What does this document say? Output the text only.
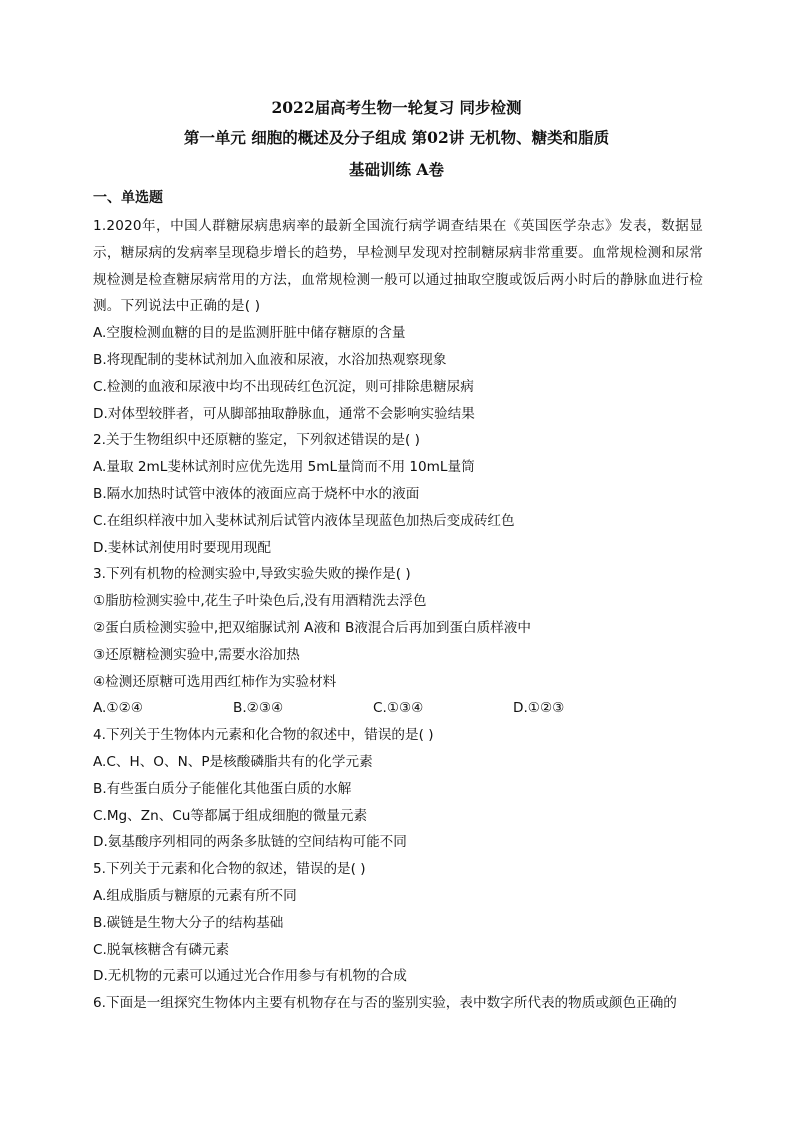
2022届高考生物一轮复习 同步检测
第一单元 细胞的概述及分子组成 第02讲 无机物、糖类和脂质
基础训练 A卷
一、单选题

1.2020年，中国人群糖尿病患病率的最新全国流行病学调查结果在《英国医学杂志》发表，数据显示，糖尿病的发病率呈现稳步增长的趋势，早检测早发现对控制糖尿病非常重要。血常规检测和尿常规检测是检查糖尿病常用的方法，血常规检测一般可以通过抽取空腹或饭后两小时后的静脉血进行检测。下列说法中正确的是( )

A.空腹检测血糖的目的是监测肝脏中储存糖原的含量

B.将现配制的斐林试剂加入血液和尿液，水浴加热观察现象

C.检测的血液和尿液中均不出现砖红色沉淀，则可排除患糖尿病

D.对体型较胖者，可从脚部抽取静脉血，通常不会影响实验结果

2.关于生物组织中还原糖的鉴定，下列叙述错误的是( )

A.量取 2mL斐林试剂时应优先选用 5mL量筒而不用 10mL量筒

B.隔水加热时试管中液体的液面应高于烧杯中水的液面

C.在组织样液中加入斐林试剂后试管内液体呈现蓝色加热后变成砖红色

D.斐林试剂使用时要现用现配

3.下列有机物的检测实验中,导致实验失败的操作是( )

①脂肪检测实验中,花生子叶染色后,没有用酒精洗去浮色

②蛋白质检测实验中,把双缩脲试剂 A液和 B液混合后再加到蛋白质样液中

③还原糖检测实验中,需要水浴加热

④检测还原糖可选用西红柿作为实验材料

A.①②④	B.②③④	C.①③④	D.①②③

4.下列关于生物体内元素和化合物的叙述中，错误的是( )

A.C、H、O、N、P是核酸磷脂共有的化学元素

B.有些蛋白质分子能催化其他蛋白质的水解

C.Mg、Zn、Cu等都属于组成细胞的微量元素

D.氨基酸序列相同的两条多肽链的空间结构可能不同

5.下列关于元素和化合物的叙述，错误的是( )

A.组成脂质与糖原的元素有所不同

B.碳链是生物大分子的结构基础

C.脱氧核糖含有磷元素

D.无机物的元素可以通过光合作用参与有机物的合成

6.下面是一组探究生物体内主要有机物存在与否的鉴别实验，表中数字所代表的物质或颜色正确的
